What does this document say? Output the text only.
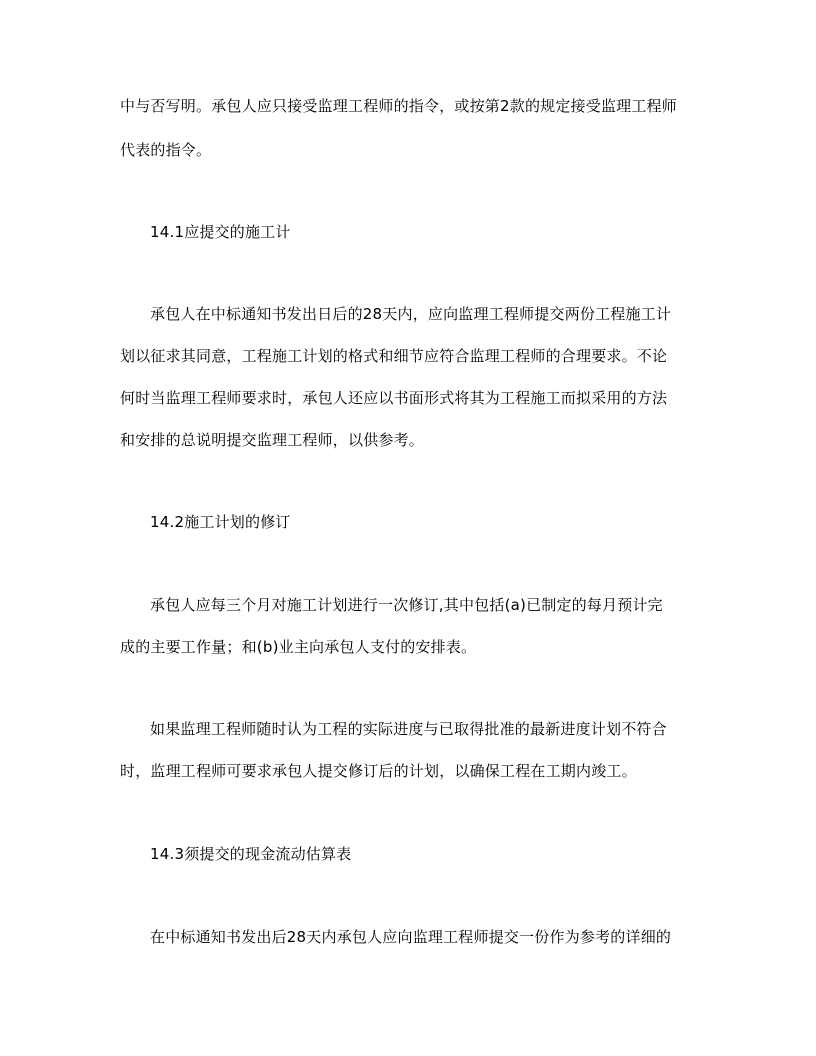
中与否写明。承包人应只接受监理工程师的指令，或按第2款的规定接受监理工程师
代表的指令。
14.1应提交的施工计
承包人在中标通知书发出日后的28天内，应向监理工程师提交两份工程施工计
划以征求其同意，工程施工计划的格式和细节应符合监理工程师的合理要求。不论
何时当监理工程师要求时，承包人还应以书面形式将其为工程施工而拟采用的方法
和安排的总说明提交监理工程师，以供参考。
14.2施工计划的修订
承包人应每三个月对施工计划进行一次修订,其中包括(a)已制定的每月预计完
成的主要工作量；和(b)业主向承包人支付的安排表。
如果监理工程师随时认为工程的实际进度与已取得批准的最新进度计划不符合
时，监理工程师可要求承包人提交修订后的计划，以确保工程在工期内竣工。
14.3须提交的现金流动估算表
在中标通知书发出后28天内承包人应向监理工程师提交一份作为参考的详细的
